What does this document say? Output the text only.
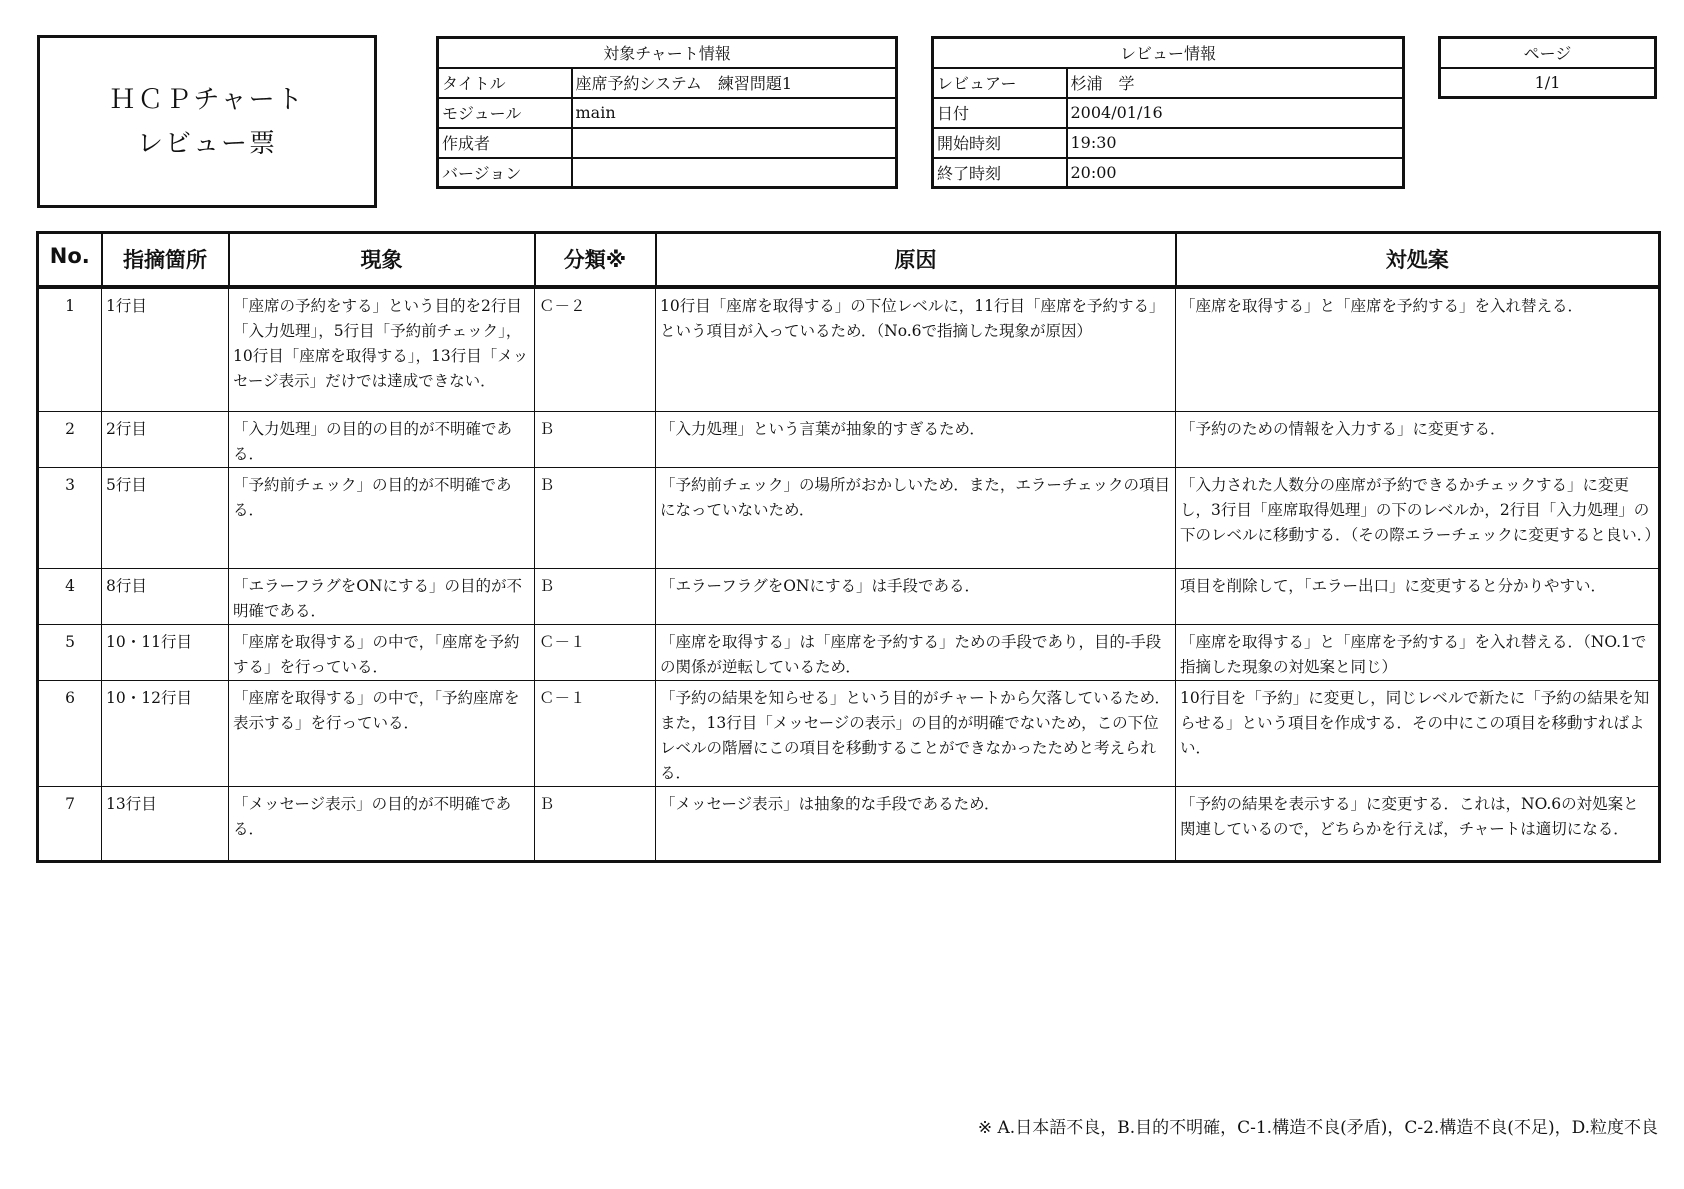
ＨＣＰチャート
レビュー票
対象チャート情報	
タイトル	座席予約システム　練習問題1
モジュール	main
作成者	
バージョン	
レビュー情報	
レビュアー	杉浦　学
日付	2004/01/16
開始時刻	19:30
終了時刻	20:00
ページ
1/1
No.	指摘箇所	現象	分類※	原因	対処案
1	1行目	「座席の予約をする」という目的を2行目「入力処理」，5行目「予約前チェック」，10行目「座席を取得する」，13行目「メッセージ表示」だけでは達成できない．	Ｃ－２	10行目「座席を取得する」の下位レベルに，11行目「座席を予約する」という項目が入っているため．（No.6で指摘した現象が原因）	「座席を取得する」と「座席を予約する」を入れ替える．
2	2行目	「入力処理」の目的の目的が不明確である．	Ｂ	「入力処理」という言葉が抽象的すぎるため．	「予約のための情報を入力する」に変更する．
3	5行目	「予約前チェック」の目的が不明確である．	Ｂ	「予約前チェック」の場所がおかしいため．また，エラーチェックの項目になっていないため．	「入力された人数分の座席が予約できるかチェックする」に変更し，3行目「座席取得処理」の下のレベルか，2行目「入力処理」の下のレベルに移動する．（その際エラーチェックに変更すると良い．）
4	8行目	「エラーフラグをONにする」の目的が不明確である．	Ｂ	「エラーフラグをONにする」は手段である．	項目を削除して，「エラー出口」に変更すると分かりやすい．
5	10・11行目	「座席を取得する」の中で，「座席を予約する」を行っている．	Ｃ－１	「座席を取得する」は「座席を予約する」ための手段であり，目的-手段の関係が逆転しているため．	「座席を取得する」と「座席を予約する」を入れ替える．（NO.1で指摘した現象の対処案と同じ）
6	10・12行目	「座席を取得する」の中で，「予約座席を表示する」を行っている．	Ｃ－１	「予約の結果を知らせる」という目的がチャートから欠落しているため．また，13行目「メッセージの表示」の目的が明確でないため，この下位レベルの階層にこの項目を移動することができなかったためと考えられる．	10行目を「予約」に変更し，同じレベルで新たに「予約の結果を知らせる」という項目を作成する．その中にこの項目を移動すればよい．
7	13行目	「メッセージ表示」の目的が不明確である．	Ｂ	「メッセージ表示」は抽象的な手段であるため．	「予約の結果を表示する」に変更する．これは，NO.6の対処案と関連しているので，どちらかを行えば，チャートは適切になる．
※ A.日本語不良，B.目的不明確，C-1.構造不良(矛盾)，C-2.構造不良(不足)，D.粒度不良
